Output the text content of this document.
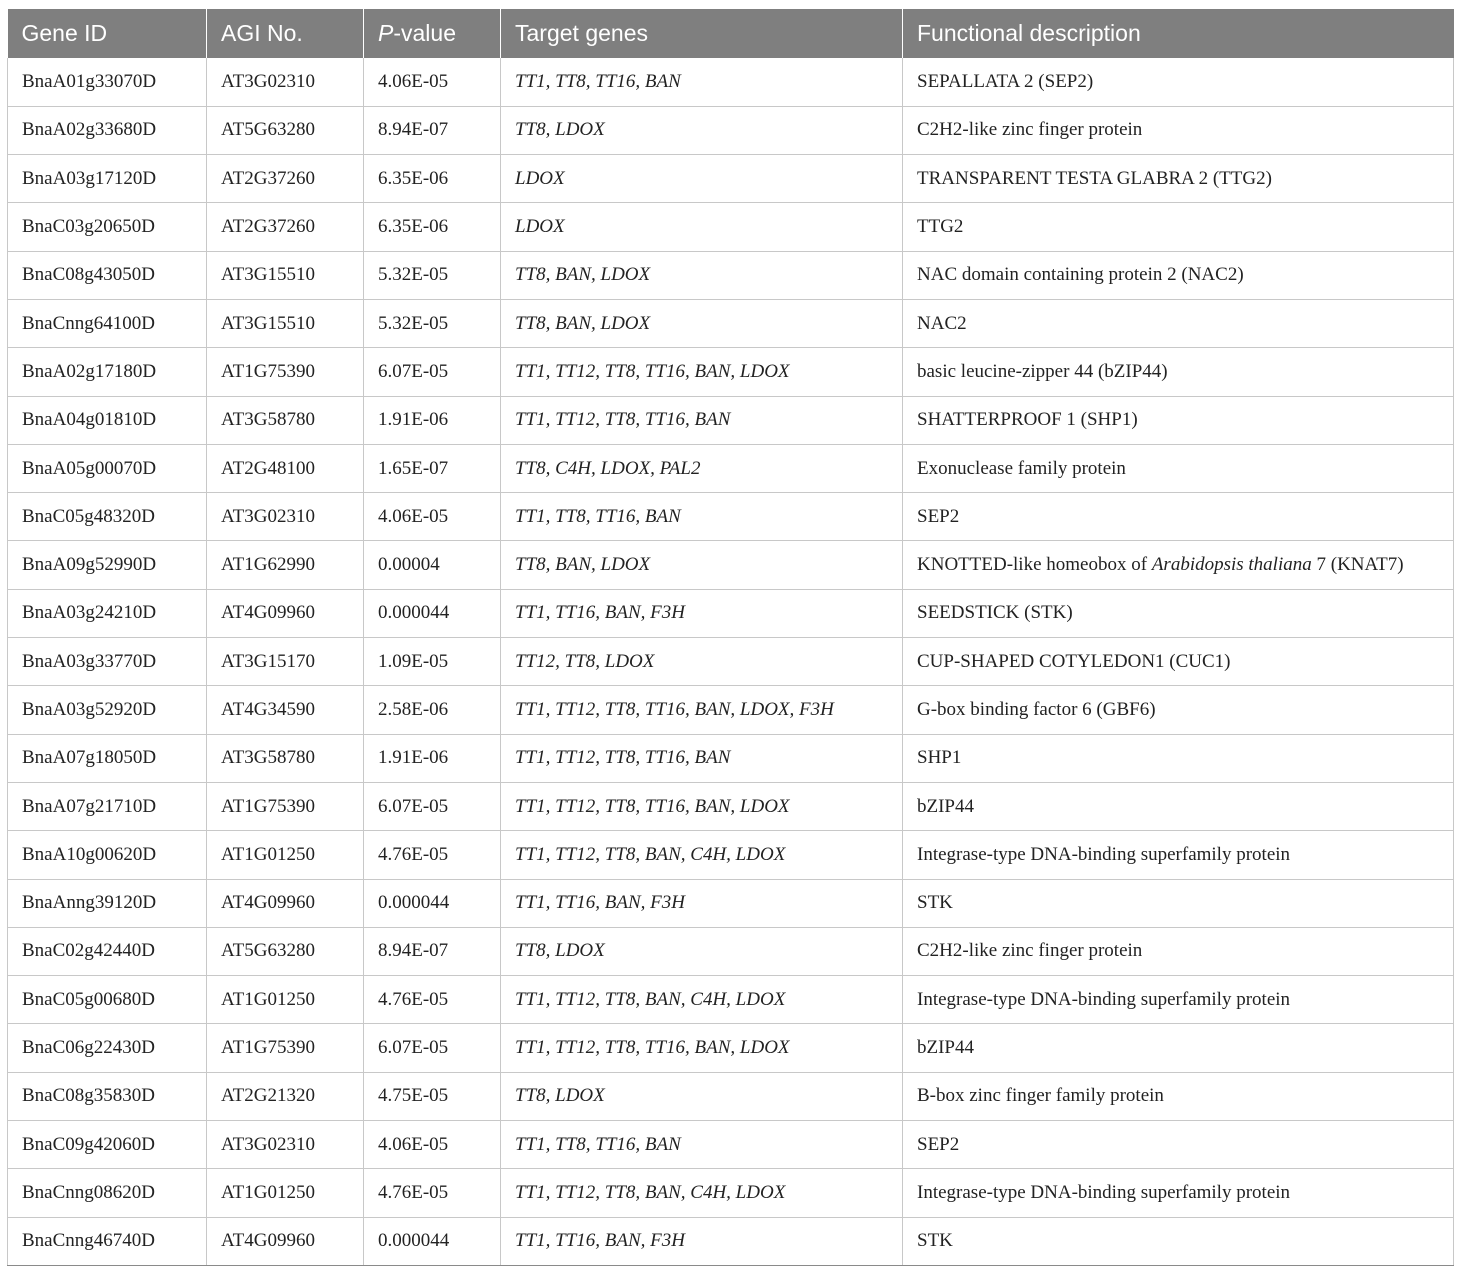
Gene ID	AGI No.	P-value	Target genes	Functional description
BnaA01g33070D	AT3G02310	4.06E-05	TT1, TT8, TT16, BAN	SEPALLATA 2 (SEP2)
BnaA02g33680D	AT5G63280	8.94E-07	TT8, LDOX	C2H2-like zinc finger protein
BnaA03g17120D	AT2G37260	6.35E-06	LDOX	TRANSPARENT TESTA GLABRA 2 (TTG2)
BnaC03g20650D	AT2G37260	6.35E-06	LDOX	TTG2
BnaC08g43050D	AT3G15510	5.32E-05	TT8, BAN, LDOX	NAC domain containing protein 2 (NAC2)
BnaCnng64100D	AT3G15510	5.32E-05	TT8, BAN, LDOX	NAC2
BnaA02g17180D	AT1G75390	6.07E-05	TT1, TT12, TT8, TT16, BAN, LDOX	basic leucine-zipper 44 (bZIP44)
BnaA04g01810D	AT3G58780	1.91E-06	TT1, TT12, TT8, TT16, BAN	SHATTERPROOF 1 (SHP1)
BnaA05g00070D	AT2G48100	1.65E-07	TT8, C4H, LDOX, PAL2	Exonuclease family protein
BnaC05g48320D	AT3G02310	4.06E-05	TT1, TT8, TT16, BAN	SEP2
BnaA09g52990D	AT1G62990	0.00004	TT8, BAN, LDOX	KNOTTED-like homeobox of Arabidopsis thaliana 7 (KNAT7)
BnaA03g24210D	AT4G09960	0.000044	TT1, TT16, BAN, F3H	SEEDSTICK (STK)
BnaA03g33770D	AT3G15170	1.09E-05	TT12, TT8, LDOX	CUP-SHAPED COTYLEDON1 (CUC1)
BnaA03g52920D	AT4G34590	2.58E-06	TT1, TT12, TT8, TT16, BAN, LDOX, F3H	G-box binding factor 6 (GBF6)
BnaA07g18050D	AT3G58780	1.91E-06	TT1, TT12, TT8, TT16, BAN	SHP1
BnaA07g21710D	AT1G75390	6.07E-05	TT1, TT12, TT8, TT16, BAN, LDOX	bZIP44
BnaA10g00620D	AT1G01250	4.76E-05	TT1, TT12, TT8, BAN, C4H, LDOX	Integrase-type DNA-binding superfamily protein
BnaAnng39120D	AT4G09960	0.000044	TT1, TT16, BAN, F3H	STK
BnaC02g42440D	AT5G63280	8.94E-07	TT8, LDOX	C2H2-like zinc finger protein
BnaC05g00680D	AT1G01250	4.76E-05	TT1, TT12, TT8, BAN, C4H, LDOX	Integrase-type DNA-binding superfamily protein
BnaC06g22430D	AT1G75390	6.07E-05	TT1, TT12, TT8, TT16, BAN, LDOX	bZIP44
BnaC08g35830D	AT2G21320	4.75E-05	TT8, LDOX	B-box zinc finger family protein
BnaC09g42060D	AT3G02310	4.06E-05	TT1, TT8, TT16, BAN	SEP2
BnaCnng08620D	AT1G01250	4.76E-05	TT1, TT12, TT8, BAN, C4H, LDOX	Integrase-type DNA-binding superfamily protein
BnaCnng46740D	AT4G09960	0.000044	TT1, TT16, BAN, F3H	STK
